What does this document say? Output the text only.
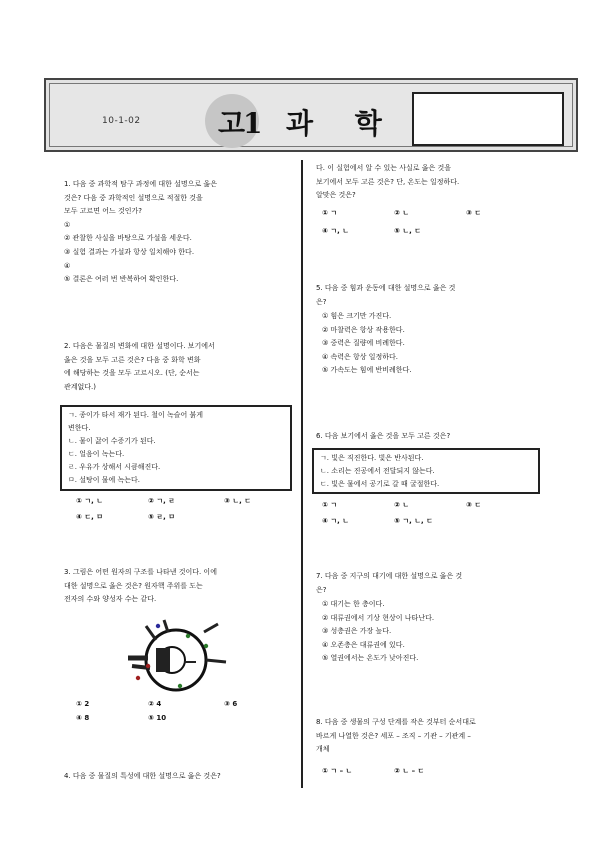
10-1-02	고1 과 학
1. 다음 중 과학적 탐구 과정에 대한 설명으로 옳은
것은? 다음 중 과학적인 설명으로 적절한 것을
모두 고르면 어느 것인가?
①
② 관찰한 사실을 바탕으로 가설을 세운다.
③ 실험 결과는 가설과 항상 일치해야 한다.
④
⑤ 결론은 여러 번 반복하여 확인한다.
2. 다음은 물질의 변화에 대한 설명이다. 보기에서
옳은 것을 모두 고른 것은? 다음 중 화학 변화
에 해당하는 것을 모두 고르시오. (단, 순서는
관계없다.)
ㄱ. 종이가 타서 재가 된다. 철이 녹슬어 붉게
변한다.
ㄴ. 물이 끓어 수증기가 된다.
ㄷ. 얼음이 녹는다.
ㄹ. 우유가 상해서 시큼해진다.
ㅁ. 설탕이 물에 녹는다.
① ㄱ, ㄴ	② ㄱ, ㄹ	③ ㄴ, ㄷ
④ ㄷ, ㅁ	⑤ ㄹ, ㅁ
3. 그림은 어떤 원자의 구조를 나타낸 것이다. 이에
대한 설명으로 옳은 것은? 원자핵 주위를 도는
전자의 수와 양성자 수는 같다.
① 2	② 4	③ 6
④ 8	⑤ 10
4. 다음 중 물질의 특성에 대한 설명으로 옳은 것은?
다. 이 실험에서 알 수 있는 사실로 옳은 것을
보기에서 모두 고른 것은? 단, 온도는 일정하다.
알맞은 것은?
① ㄱ	② ㄴ	③ ㄷ
④ ㄱ, ㄴ	⑤ ㄴ, ㄷ
5. 다음 중 힘과 운동에 대한 설명으로 옳은 것
은?
① 힘은 크기만 가진다.
② 마찰력은 항상 작용한다.
③ 중력은 질량에 비례한다.
④ 속력은 항상 일정하다.
⑤ 가속도는 힘에 반비례한다.
6. 다음 보기에서 옳은 것을 모두 고른 것은?
ㄱ. 빛은 직진한다. 빛은 반사된다.
ㄴ. 소리는 진공에서 전달되지 않는다.
ㄷ. 빛은 물에서 공기로 갈 때 굴절한다.
① ㄱ	② ㄴ	③ ㄷ
④ ㄱ, ㄴ	⑤ ㄱ, ㄴ, ㄷ
7. 다음 중 지구의 대기에 대한 설명으로 옳은 것
은?
① 대기는 한 층이다.
② 대류권에서 기상 현상이 나타난다.
③ 성층권은 가장 높다.
④ 오존층은 대류권에 있다.
⑤ 열권에서는 온도가 낮아진다.
8. 다음 중 생물의 구성 단계를 작은 것부터 순서대로
바르게 나열한 것은? 세포 – 조직 – 기관 – 기관계 –
개체
① ㄱ – ㄴ	② ㄴ – ㄷ
